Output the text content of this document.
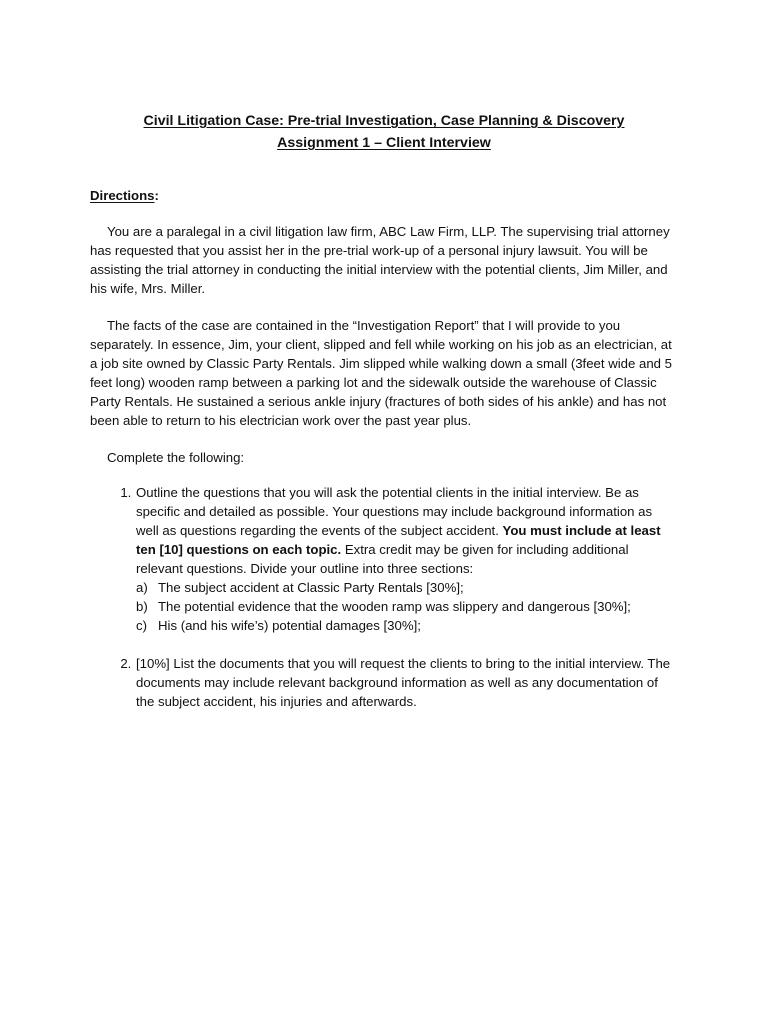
Civil Litigation Case: Pre-trial Investigation, Case Planning & Discovery
Assignment 1 – Client Interview
Directions:

You are a paralegal in a civil litigation law firm, ABC Law Firm, LLP. The supervising trial attorney has requested that you assist her in the pre-trial work-up of a personal injury lawsuit. You will be assisting the trial attorney in conducting the initial interview with the potential clients, Jim Miller, and his wife, Mrs. Miller.

The facts of the case are contained in the “Investigation Report” that I will provide to you separately. In essence, Jim, your client, slipped and fell while working on his job as an electrician, at a job site owned by Classic Party Rentals. Jim slipped while walking down a small (3feet wide and 5 feet long) wooden ramp between a parking lot and the sidewalk outside the warehouse of Classic Party Rentals. He sustained a serious ankle injury (fractures of both sides of his ankle) and has not been able to return to his electrician work over the past year plus.

Complete the following:

1. Outline the questions that you will ask the potential clients in the initial interview. Be as specific and detailed as possible. Your questions may include background information as well as questions regarding the events of the subject accident. You must include at least ten [10] questions on each topic. Extra credit may be given for including additional relevant questions. Divide your outline into three sections:
a) The subject accident at Classic Party Rentals [30%];
b) The potential evidence that the wooden ramp was slippery and dangerous [30%];
c) His (and his wife’s) potential damages [30%];
2. [10%] List the documents that you will request the clients to bring to the initial interview. The documents may include relevant background information as well as any documentation of the subject accident, his injuries and afterwards.
